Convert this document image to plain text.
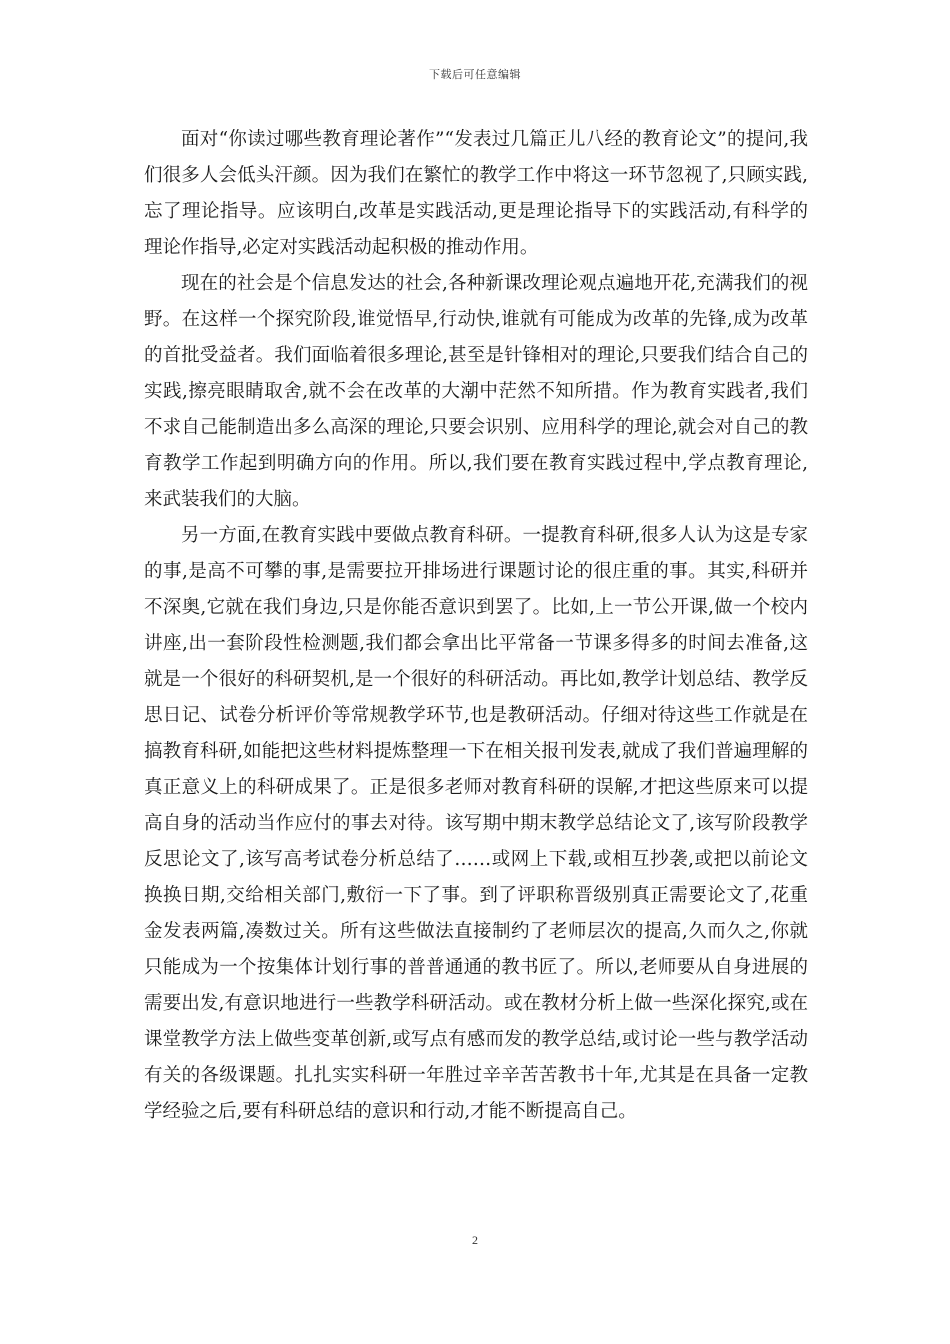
下载后可任意编辑

面对“你读过哪些教育理论著作”“发表过几篇正儿八经的教育论文”的提问,我们很多人会低头汗颜。因为我们在繁忙的教学工作中将这一环节忽视了,只顾实践,忘了理论指导。应该明白,改革是实践活动,更是理论指导下的实践活动,有科学的理论作指导,必定对实践活动起积极的推动作用。

现在的社会是个信息发达的社会,各种新课改理论观点遍地开花,充满我们的视野。在这样一个探究阶段,谁觉悟早,行动快,谁就有可能成为改革的先锋,成为改革的首批受益者。我们面临着很多理论,甚至是针锋相对的理论,只要我们结合自己的实践,擦亮眼睛取舍,就不会在改革的大潮中茫然不知所措。作为教育实践者,我们不求自己能制造出多么高深的理论,只要会识别、应用科学的理论,就会对自己的教育教学工作起到明确方向的作用。所以,我们要在教育实践过程中,学点教育理论,来武装我们的大脑。

另一方面,在教育实践中要做点教育科研。一提教育科研,很多人认为这是专家的事,是高不可攀的事,是需要拉开排场进行课题讨论的很庄重的事。其实,科研并不深奥,它就在我们身边,只是你能否意识到罢了。比如,上一节公开课,做一个校内讲座,出一套阶段性检测题,我们都会拿出比平常备一节课多得多的时间去准备,这就是一个很好的科研契机,是一个很好的科研活动。再比如,教学计划总结、教学反思日记、试卷分析评价等常规教学环节,也是教研活动。仔细对待这些工作就是在搞教育科研,如能把这些材料提炼整理一下在相关报刊发表,就成了我们普遍理解的真正意义上的科研成果了。正是很多老师对教育科研的误解,才把这些原来可以提高自身的活动当作应付的事去对待。该写期中期末教学总结论文了,该写阶段教学反思论文了,该写高考试卷分析总结了……或网上下载,或相互抄袭,或把以前论文换换日期,交给相关部门,敷衍一下了事。到了评职称晋级别真正需要论文了,花重金发表两篇,凑数过关。所有这些做法直接制约了老师层次的提高,久而久之,你就只能成为一个按集体计划行事的普普通通的教书匠了。所以,老师要从自身进展的需要出发,有意识地进行一些教学科研活动。或在教材分析上做一些深化探究,或在课堂教学方法上做些变革创新,或写点有感而发的教学总结,或讨论一些与教学活动有关的各级课题。扎扎实实科研一年胜过辛辛苦苦教书十年,尤其是在具备一定教学经验之后,要有科研总结的意识和行动,才能不断提高自己。

2
